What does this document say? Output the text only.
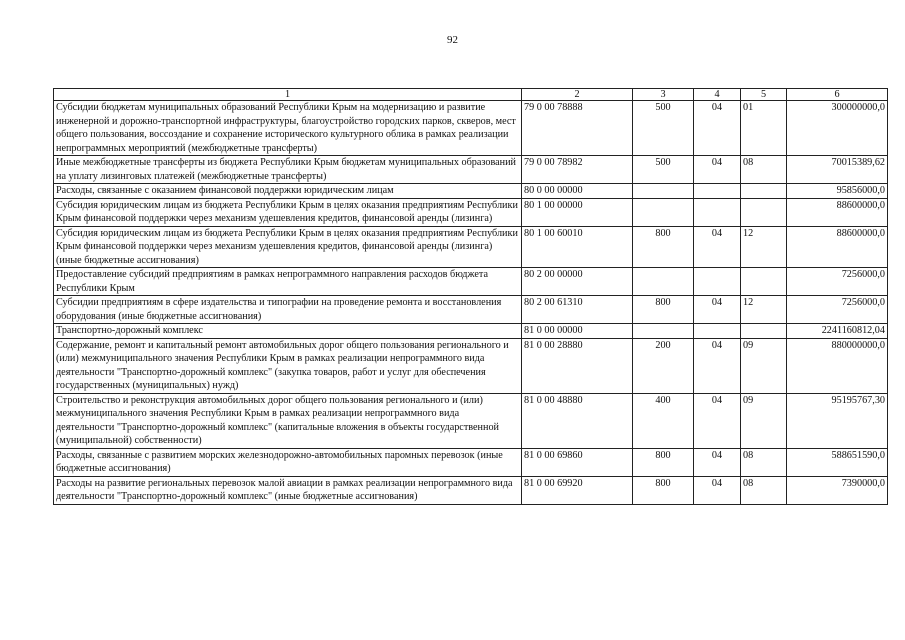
92
1	2	3	4	5	6
Субсидии бюджетам муниципальных образований Республики Крым на модернизацию и развитие инженерной и дорожно-транспортной инфраструктуры, благоустройство городских парков, скверов, мест общего пользования, воссоздание и сохранение исторического культурного облика в рамках реализации непрограммных мероприятий (межбюджетные трансферты)	79 0 00 78888	500	04	01	300000000,0
Иные межбюджетные трансферты из бюджета Республики Крым бюджетам муниципальных образований на уплату лизинговых платежей (межбюджетные трансферты)	79 0 00 78982	500	04	08	70015389,62
Расходы, связанные с оказанием финансовой поддержки юридическим лицам	80 0 00 00000				95856000,0
Субсидия юридическим лицам из бюджета Республики Крым в целях оказания предприятиям Республики Крым финансовой поддержки через механизм удешевления кредитов, финансовой аренды (лизинга)	80 1 00 00000				88600000,0
Субсидия юридическим лицам из бюджета Республики Крым в целях оказания предприятиям Республики Крым финансовой поддержки через механизм удешевления кредитов, финансовой аренды (лизинга) (иные бюджетные ассигнования)	80 1 00 60010	800	04	12	88600000,0
Предоставление субсидий предприятиям в рамках непрограммного направления расходов бюджета Республики Крым	80 2 00 00000				7256000,0
Субсидии предприятиям в сфере издательства и типографии на проведение ремонта и восстановления оборудования (иные бюджетные ассигнования)	80 2 00 61310	800	04	12	7256000,0
Транспортно-дорожный комплекс	81 0 00 00000				2241160812,04
Содержание, ремонт и капитальный ремонт автомобильных дорог общего пользования регионального и (или) межмуниципального значения Республики Крым в рамках реализации непрограммного вида деятельности "Транспортно-дорожный комплекс" (закупка товаров, работ и услуг для обеспечения государственных (муниципальных) нужд)	81 0 00 28880	200	04	09	880000000,0
Строительство и реконструкция автомобильных дорог общего пользования регионального и (или) межмуниципального значения Республики Крым в рамках реализации непрограммного вида деятельности "Транспортно-дорожный комплекс" (капитальные вложения в объекты государственной (муниципальной) собственности)	81 0 00 48880	400	04	09	95195767,30
Расходы, связанные с развитием морских железнодорожно-автомобильных паромных перевозок (иные бюджетные ассигнования)	81 0 00 69860	800	04	08	588651590,0
Расходы на развитие региональных перевозок малой авиации в рамках реализации непрограммного вида деятельности "Транспортно-дорожный комплекс" (иные бюджетные ассигнования)	81 0 00 69920	800	04	08	7390000,0
